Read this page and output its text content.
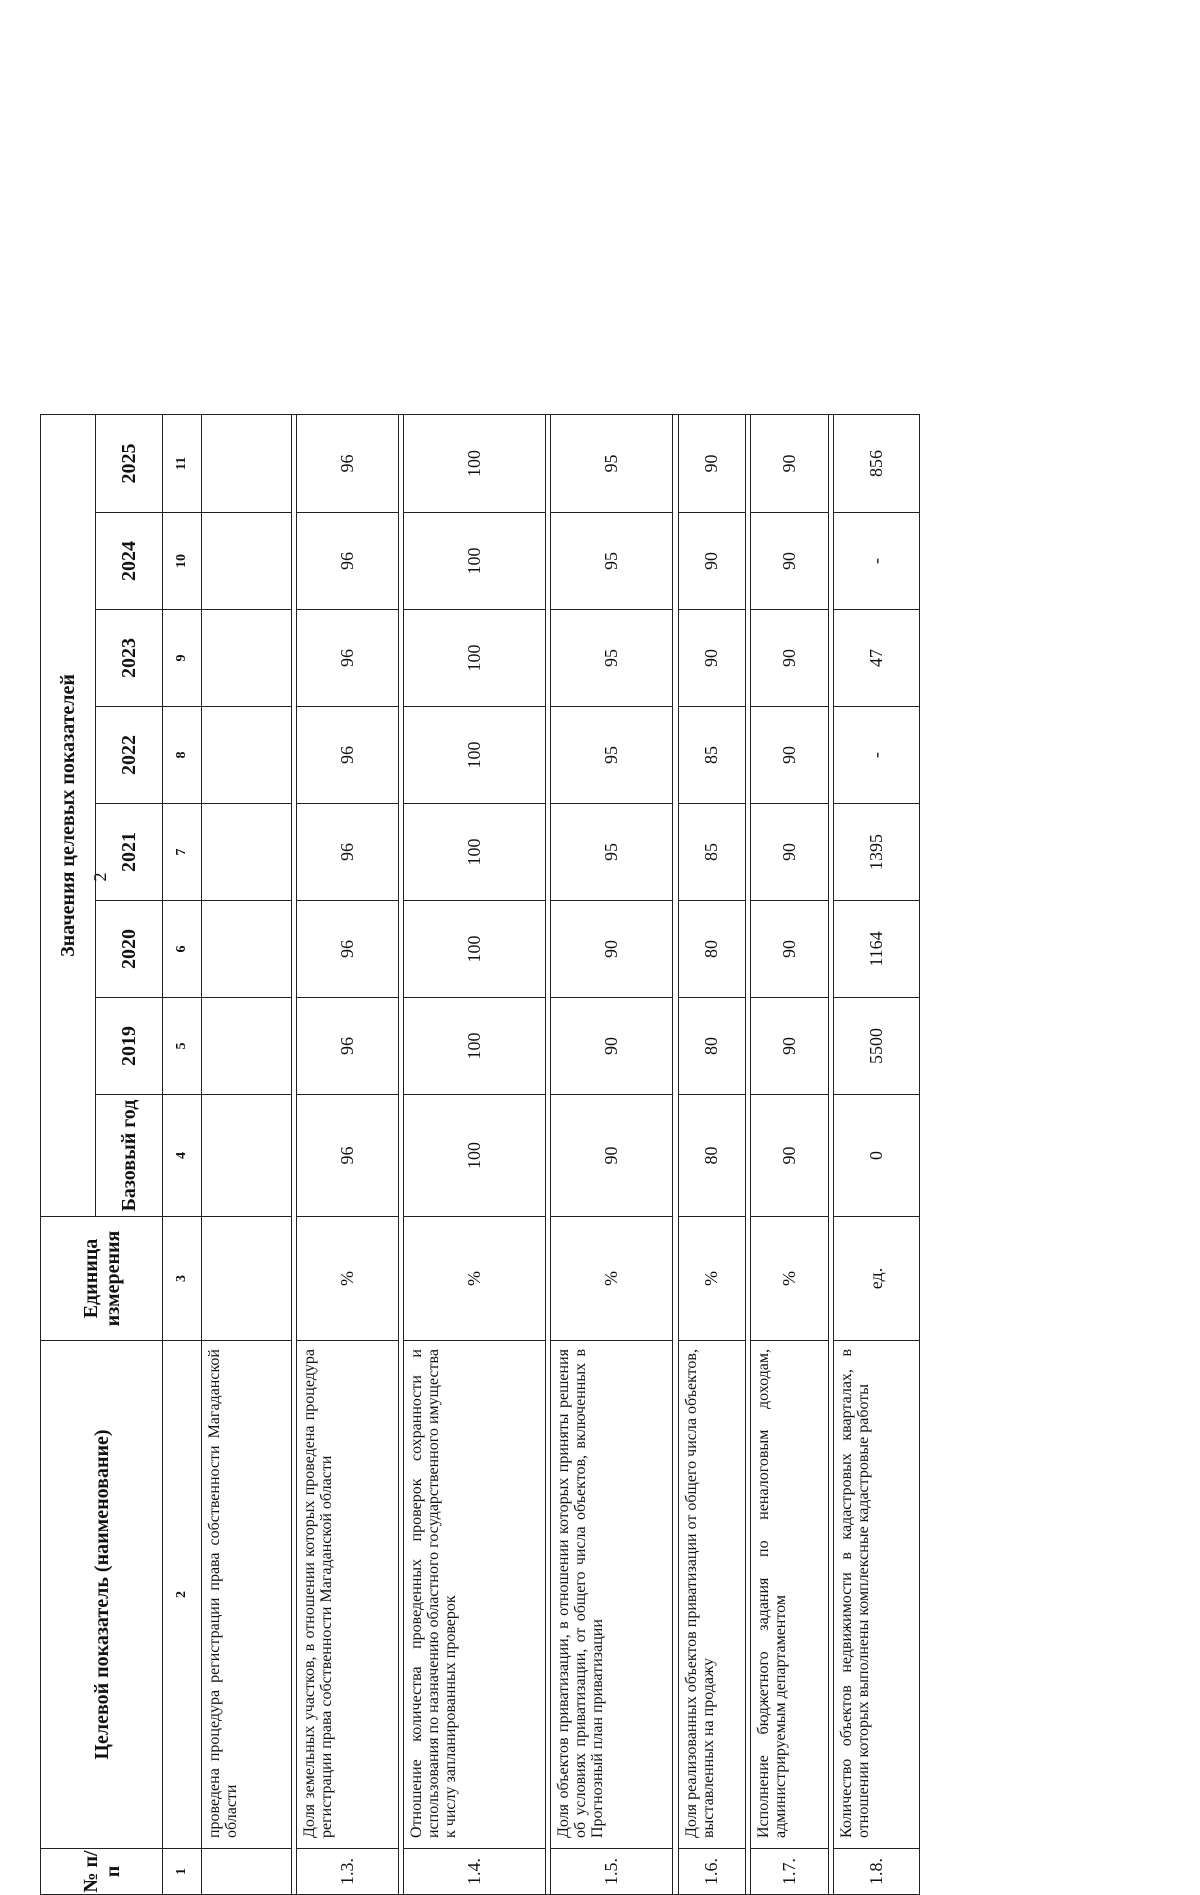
2
№ п/п	Целевой показатель (наименование)	Единица измерения	Значения целевых показателей							
			Базовый год	2019	2020	2021	2022	2023	2024	2025
1	2	3	4	5	6	7	8	9	10	11
	проведена процедура регистрации права собственности Магаданской области									

1.3.	Доля земельных участков, в отношении которых проведена процедура регистрации права собственности Магаданской области	%	96	96	96	96	96	96	96	96

1.4.	Отношение количества проведенных проверок сохранности и использования по назначению областного государственного имущества к числу запланированных проверок	%	100	100	100	100	100	100	100	100

1.5.	Доля объектов приватизации, в отношении которых приняты решения об условиях приватизации, от общего числа объектов, включенных в Прогнозный план приватизации	%	90	90	90	95	95	95	95	95

1.6.	Доля реализованных объектов приватизации от общего числа объектов, выставленных на продажу	%	80	80	80	85	85	90	90	90

1.7.	Исполнение бюджетного задания по неналоговым доходам, администрируемым департаментом	%	90	90	90	90	90	90	90	90

1.8.	Количество объектов недвижимости в кадастровых кварталах, в отношении которых выполнены комплексные кадастровые работы	ед.	0	5500	1164	1395	-	47	-	856
